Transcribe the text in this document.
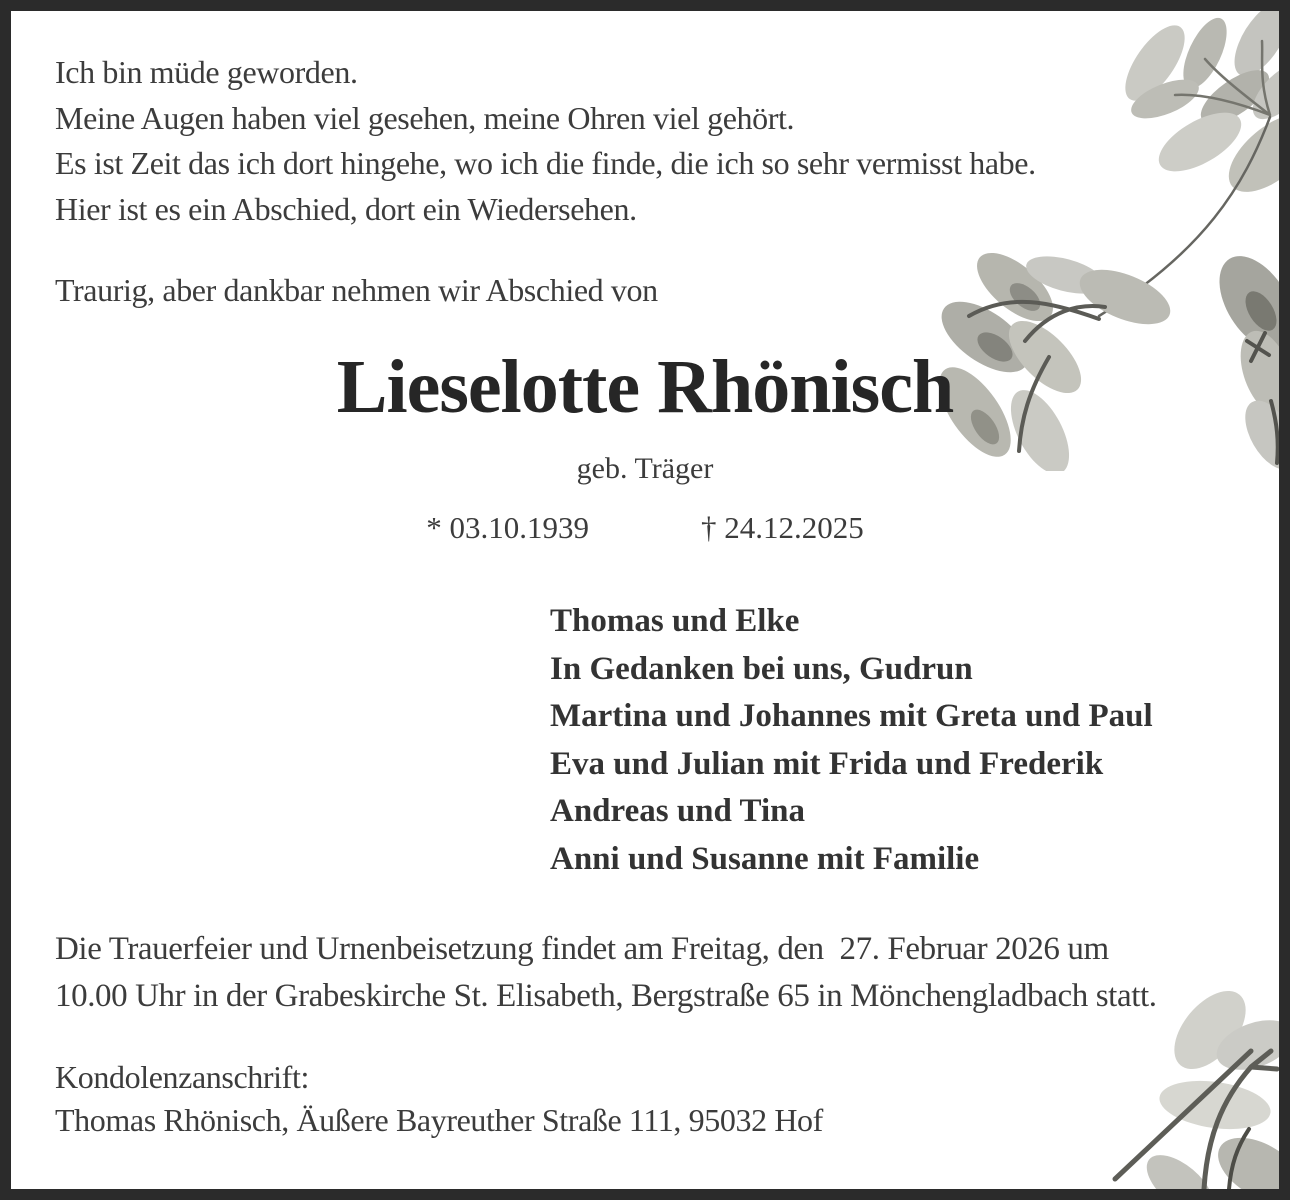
Ich bin müde geworden.
Meine Augen haben viel gesehen, meine Ohren viel gehört.
Es ist Zeit das ich dort hingehe, wo ich die finde, die ich so sehr vermisst habe.
Hier ist es ein Abschied, dort ein Wiedersehen.
Traurig, aber dankbar nehmen wir Abschied von
Lieselotte Rhönisch
geb. Träger
* 03.10.1939	† 24.12.2025
Thomas und Elke
In Gedanken bei uns, Gudrun
Martina und Johannes mit Greta und Paul
Eva und Julian mit Frida und Frederik
Andreas und Tina
Anni und Susanne mit Familie
Die Trauerfeier und Urnenbeisetzung findet am Freitag, den  27. Februar 2026 um
10.00 Uhr in der Grabeskirche St. Elisabeth, Bergstraße 65 in Mönchengladbach statt.
Kondolenzanschrift:
Thomas Rhönisch, Äußere Bayreuther Straße 111, 95032 Hof
